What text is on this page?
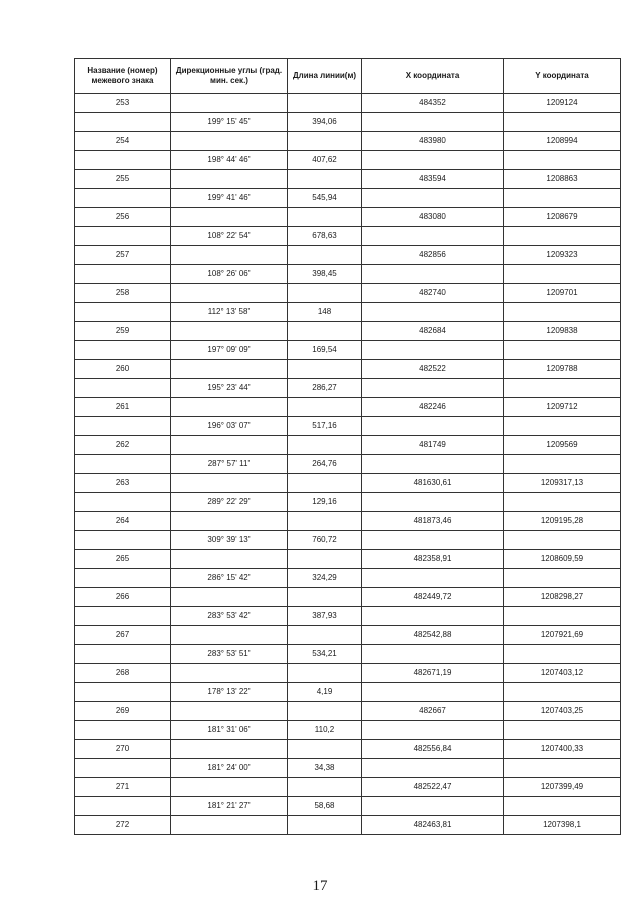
Название (номер) межевого знака	Дирекционные углы (град. мин. сек.)	Длина линии(м)	X координата	Y координата
253			484352	1209124
	199° 15' 45"	394,06		
254			483980	1208994
	198° 44' 46"	407,62		
255			483594	1208863
	199° 41' 46"	545,94		
256			483080	1208679
	108° 22' 54"	678,63		
257			482856	1209323
	108° 26' 06"	398,45		
258			482740	1209701
	112° 13' 58"	148		
259			482684	1209838
	197° 09' 09"	169,54		
260			482522	1209788
	195° 23' 44"	286,27		
261			482246	1209712
	196° 03' 07"	517,16		
262			481749	1209569
	287° 57' 11"	264,76		
263			481630,61	1209317,13
	289° 22' 29"	129,16		
264			481873,46	1209195,28
	309° 39' 13"	760,72		
265			482358,91	1208609,59
	286° 15' 42"	324,29		
266			482449,72	1208298,27
	283° 53' 42"	387,93		
267			482542,88	1207921,69
	283° 53' 51"	534,21		
268			482671,19	1207403,12
	178° 13' 22"	4,19		
269			482667	1207403,25
	181° 31' 06"	110,2		
270			482556,84	1207400,33
	181° 24' 00"	34,38		
271			482522,47	1207399,49
	181° 21' 27"	58,68		
272			482463,81	1207398,1
17
